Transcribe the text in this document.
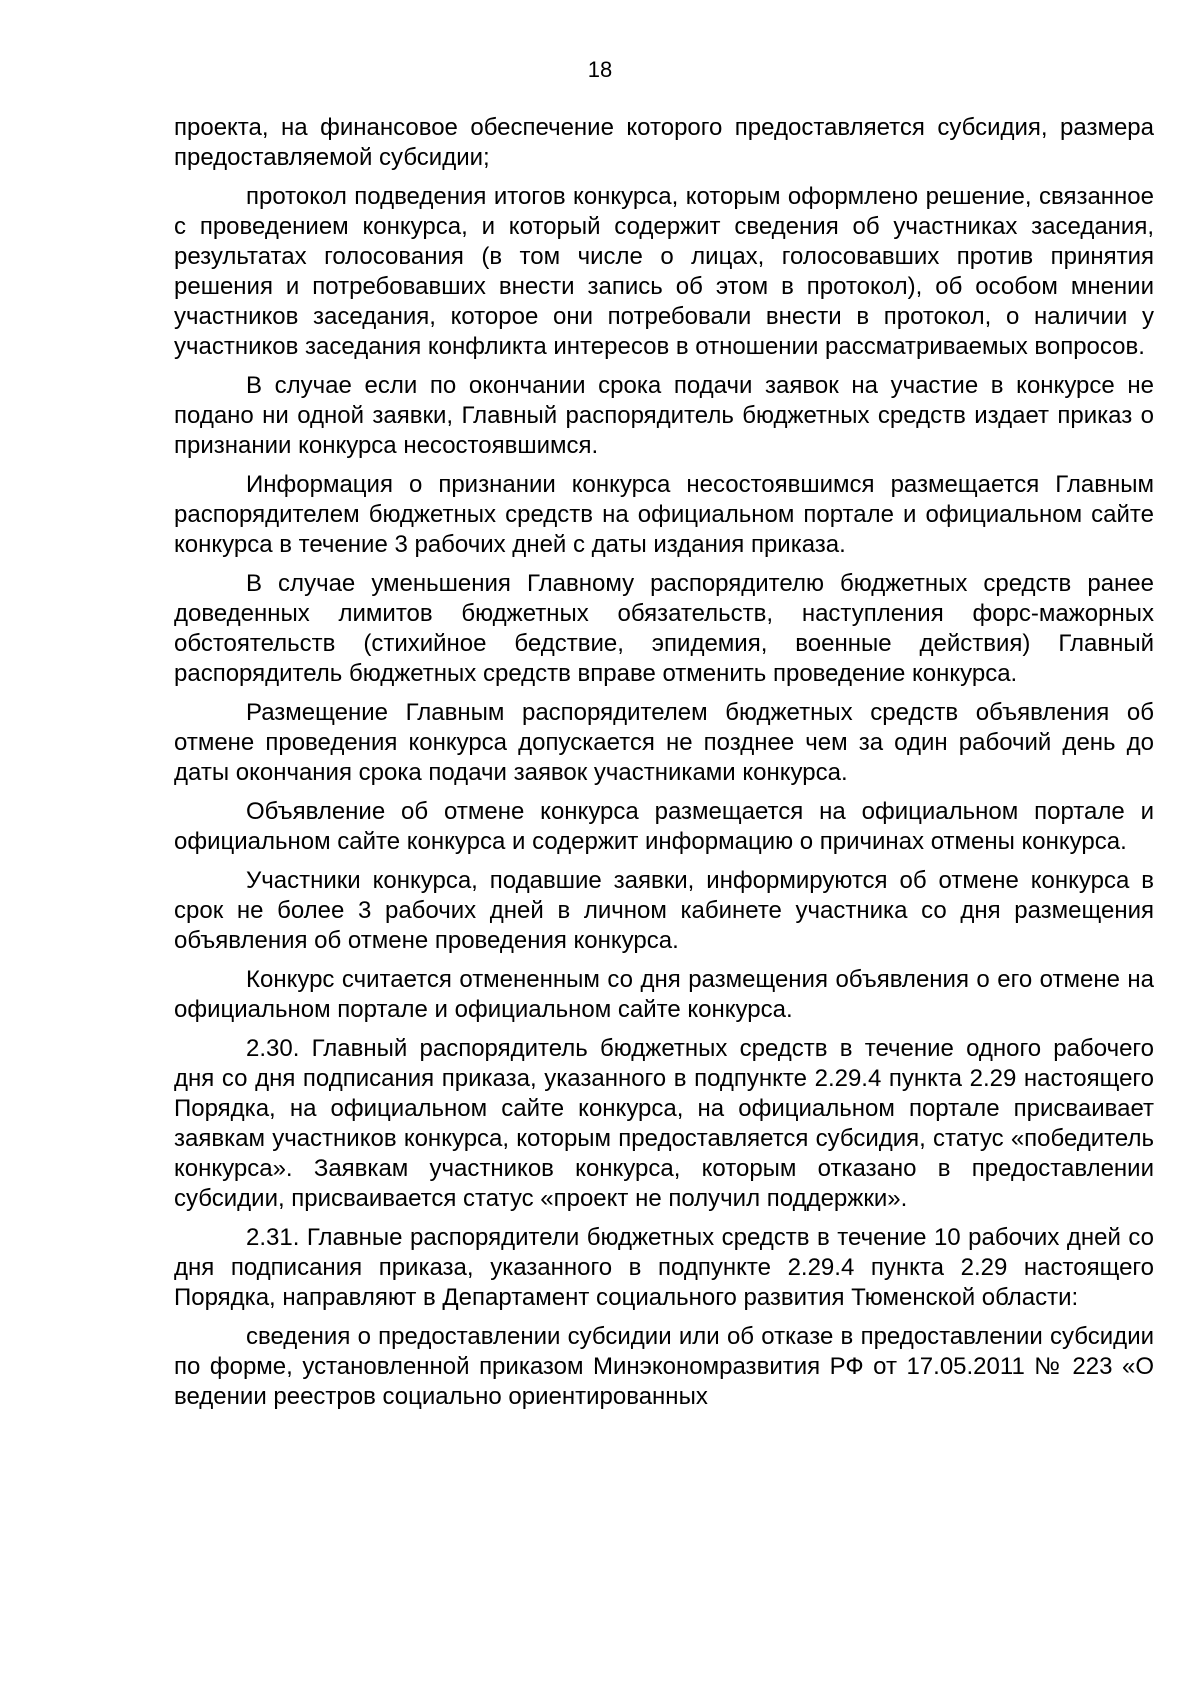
18

проекта, на финансовое обеспечение которого предоставляется субсидия, размера предоставляемой субсидии;

протокол подведения итогов конкурса, которым оформлено решение, связанное с проведением конкурса, и который содержит сведения об участниках заседания, результатах голосования (в том числе о лицах, голосовавших против принятия решения и потребовавших внести запись об этом в протокол), об особом мнении участников заседания, которое они потребовали внести в протокол, о наличии у участников заседания конфликта интересов в отношении рассматриваемых вопросов.

В случае если по окончании срока подачи заявок на участие в конкурсе не подано ни одной заявки, Главный распорядитель бюджетных средств издает приказ о признании конкурса несостоявшимся.

Информация о признании конкурса несостоявшимся размещается Главным распорядителем бюджетных средств на официальном портале и официальном сайте конкурса в течение 3 рабочих дней с даты издания приказа.

В случае уменьшения Главному распорядителю бюджетных средств ранее доведенных лимитов бюджетных обязательств, наступления форс-мажорных обстоятельств (стихийное бедствие, эпидемия, военные действия) Главный распорядитель бюджетных средств вправе отменить проведение конкурса.

Размещение Главным распорядителем бюджетных средств объявления об отмене проведения конкурса допускается не позднее чем за один рабочий день до даты окончания срока подачи заявок участниками конкурса.

Объявление об отмене конкурса размещается на официальном портале и официальном сайте конкурса и содержит информацию о причинах отмены конкурса.

Участники конкурса, подавшие заявки, информируются об отмене конкурса в срок не более 3 рабочих дней в личном кабинете участника со дня размещения объявления об отмене проведения конкурса.

Конкурс считается отмененным со дня размещения объявления о его отмене на официальном портале и официальном сайте конкурса.

2.30. Главный распорядитель бюджетных средств в течение одного рабочего дня со дня подписания приказа, указанного в подпункте 2.29.4 пункта 2.29 настоящего Порядка, на официальном сайте конкурса, на официальном портале присваивает заявкам участников конкурса, которым предоставляется субсидия, статус «победитель конкурса». Заявкам участников конкурса, которым отказано в предоставлении субсидии, присваивается статус «проект не получил поддержки».

2.31. Главные распорядители бюджетных средств в течение 10 рабочих дней со дня подписания приказа, указанного в подпункте 2.29.4 пункта 2.29 настоящего Порядка, направляют в Департамент социального развития Тюменской области:

сведения о предоставлении субсидии или об отказе в предоставлении субсидии по форме, установленной приказом Минэкономразвития РФ от 17.05.2011 № 223 «О ведении реестров социально ориентированных
